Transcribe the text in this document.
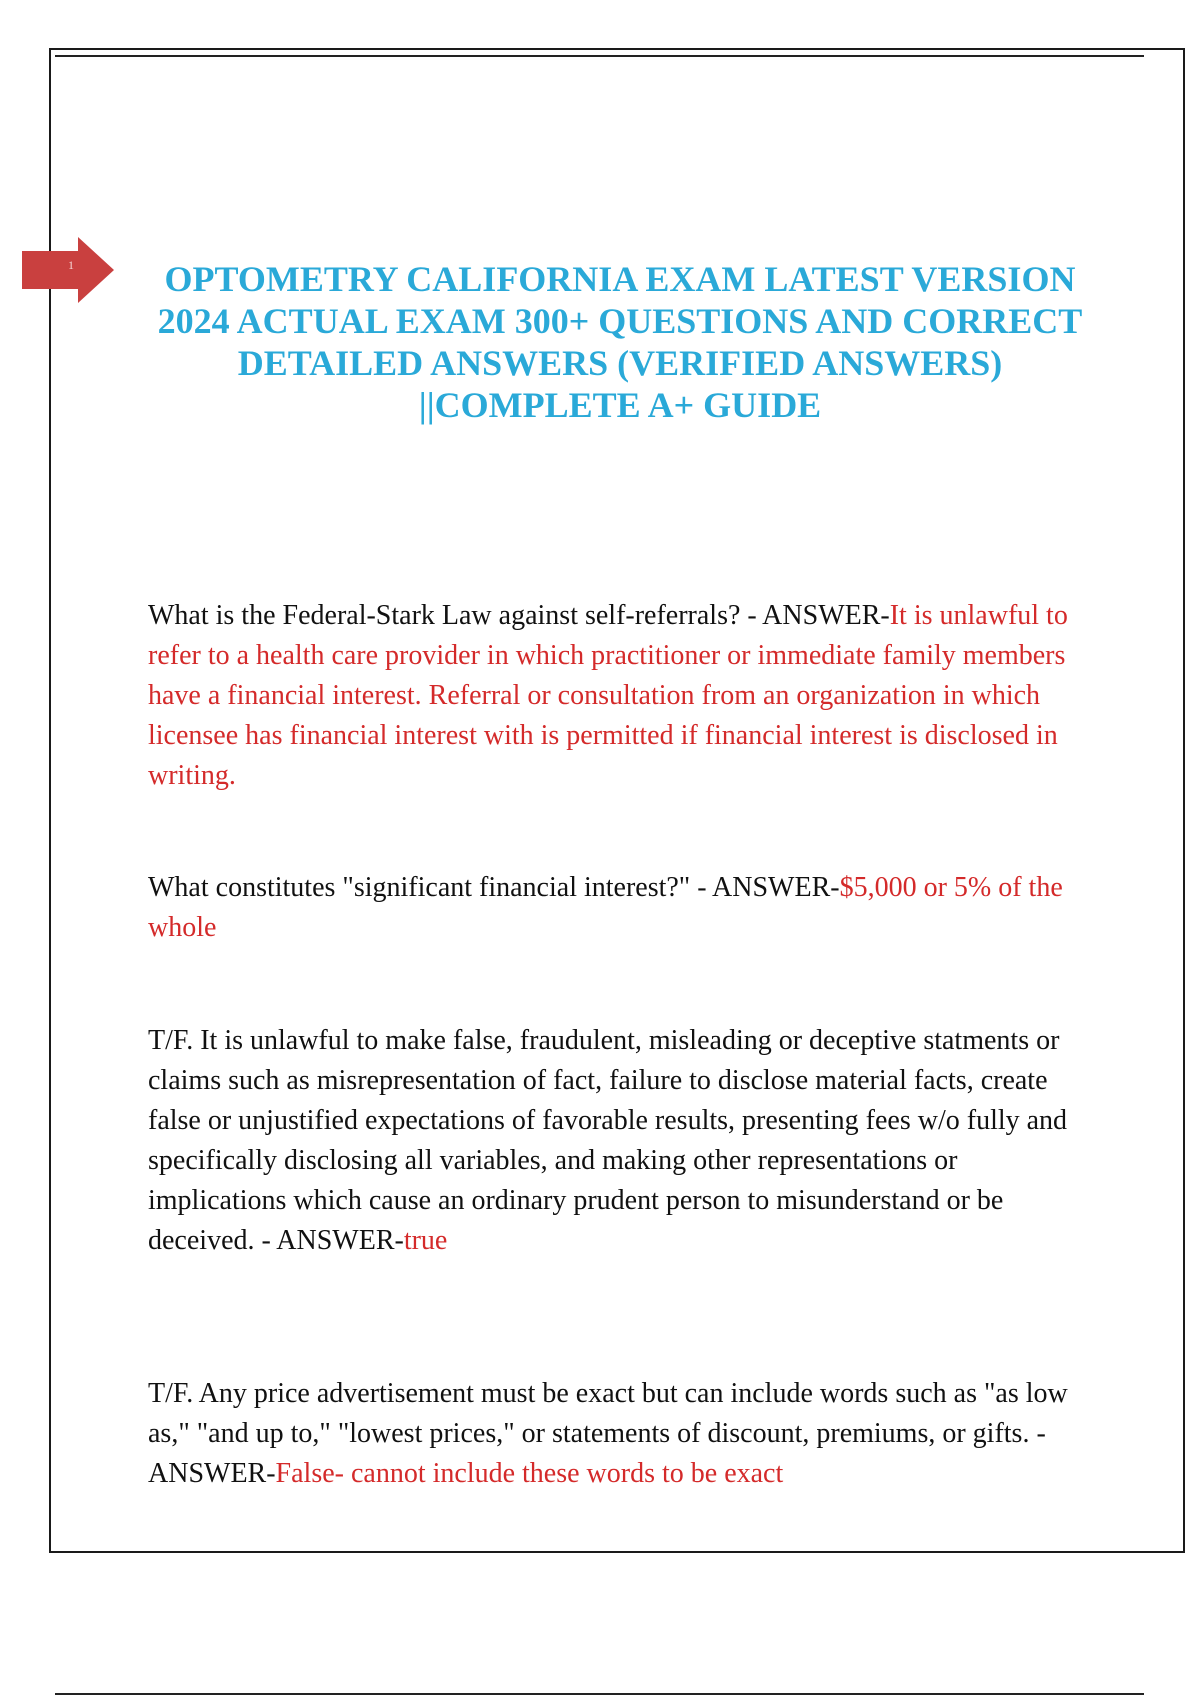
1	OPTOMETRY CALIFORNIA EXAM LATEST VERSION 2024 ACTUAL EXAM 300+ QUESTIONS AND CORRECT DETAILED ANSWERS (VERIFIED ANSWERS) ||COMPLETE A+ GUIDE

What is the Federal-Stark Law against self-referrals? - ANSWER-It is unlawful to refer to a health care provider in which practitioner or immediate family members have a financial interest. Referral or consultation from an organization in which licensee has financial interest with is permitted if financial interest is disclosed in writing.

What constitutes "significant financial interest?" - ANSWER-$5,000 or 5% of the whole

T/F. It is unlawful to make false, fraudulent, misleading or deceptive statments or claims such as misrepresentation of fact, failure to disclose material facts, create false or unjustified expectations of favorable results, presenting fees w/o fully and specifically disclosing all variables, and making other representations or implications which cause an ordinary prudent person to misunderstand or be deceived. - ANSWER-true

T/F. Any price advertisement must be exact but can include words such as "as low as," "and up to," "lowest prices," or statements of discount, premiums, or gifts. - ANSWER-False- cannot include these words to be exact
